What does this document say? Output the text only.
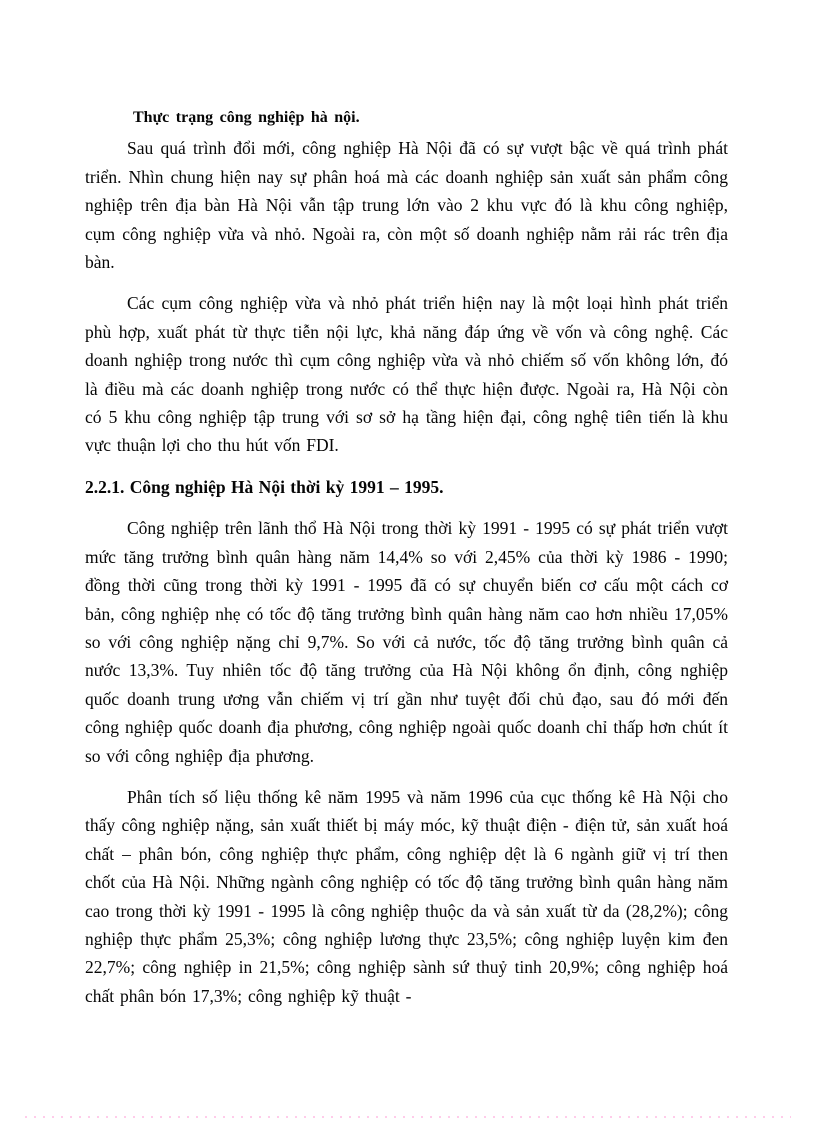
Thực trạng công nghiệp hà nội.

Sau quá trình đổi mới, công nghiệp Hà Nội đã có sự vượt bậc về quá trình phát triển. Nhìn chung hiện nay sự phân hoá mà các doanh nghiệp sản xuất sản phẩm công nghiệp trên địa bàn Hà Nội vẫn tập trung lớn vào 2 khu vực đó là khu công nghiệp, cụm công nghiệp vừa và nhỏ. Ngoài ra, còn một số doanh nghiệp nằm rải rác trên địa bàn.

Các cụm công nghiệp vừa và nhỏ phát triển hiện nay là một loại hình phát triển phù hợp, xuất phát từ thực tiễn nội lực, khả năng đáp ứng về vốn và công nghệ. Các doanh nghiệp trong nước thì cụm công nghiệp vừa và nhỏ chiếm số vốn không lớn, đó là điều mà các doanh nghiệp trong nước có thể thực hiện được. Ngoài ra, Hà Nội còn có 5 khu công nghiệp tập trung với sơ sở hạ tầng hiện đại, công nghệ tiên tiến là khu vực thuận lợi cho thu hút vốn FDI.

2.2.1. Công nghiệp Hà Nội thời kỳ 1991 – 1995.

Công nghiệp trên lãnh thổ Hà Nội trong thời kỳ 1991 - 1995 có sự phát triển vượt mức tăng trưởng bình quân hàng năm 14,4% so với 2,45% của thời kỳ 1986 - 1990; đồng thời cũng trong thời kỳ 1991 - 1995 đã có sự chuyển biến cơ cấu một cách cơ bản, công nghiệp nhẹ có tốc độ tăng trưởng bình quân hàng năm cao hơn nhiều 17,05% so với công nghiệp nặng chỉ 9,7%. So với cả nước, tốc độ tăng trưởng bình quân cả nước 13,3%. Tuy nhiên tốc độ tăng trưởng của Hà Nội không ổn định, công nghiệp quốc doanh trung ương vẫn chiếm vị trí gần như tuyệt đối chủ đạo, sau đó mới đến công nghiệp quốc doanh địa phương, công nghiệp ngoài quốc doanh chỉ thấp hơn chút ít so với công nghiệp địa phương.

Phân tích số liệu thống kê năm 1995 và năm 1996 của cục thống kê Hà Nội cho thấy công nghiệp nặng, sản xuất thiết bị máy móc, kỹ thuật điện - điện tử, sản xuất hoá chất – phân bón, công nghiệp thực phẩm, công nghiệp dệt là 6 ngành giữ vị trí then chốt của Hà Nội. Những ngành công nghiệp có tốc độ tăng trưởng bình quân hàng năm cao trong thời kỳ 1991 - 1995 là công nghiệp thuộc da và sản xuất từ da (28,2%); công nghiệp thực phẩm 25,3%; công nghiệp lương thực 23,5%; công nghiệp luyện kim đen 22,7%; công nghiệp in 21,5%; công nghiệp sành sứ thuỷ tinh 20,9%; công nghiệp hoá chất phân bón 17,3%; công nghiệp kỹ thuật -
